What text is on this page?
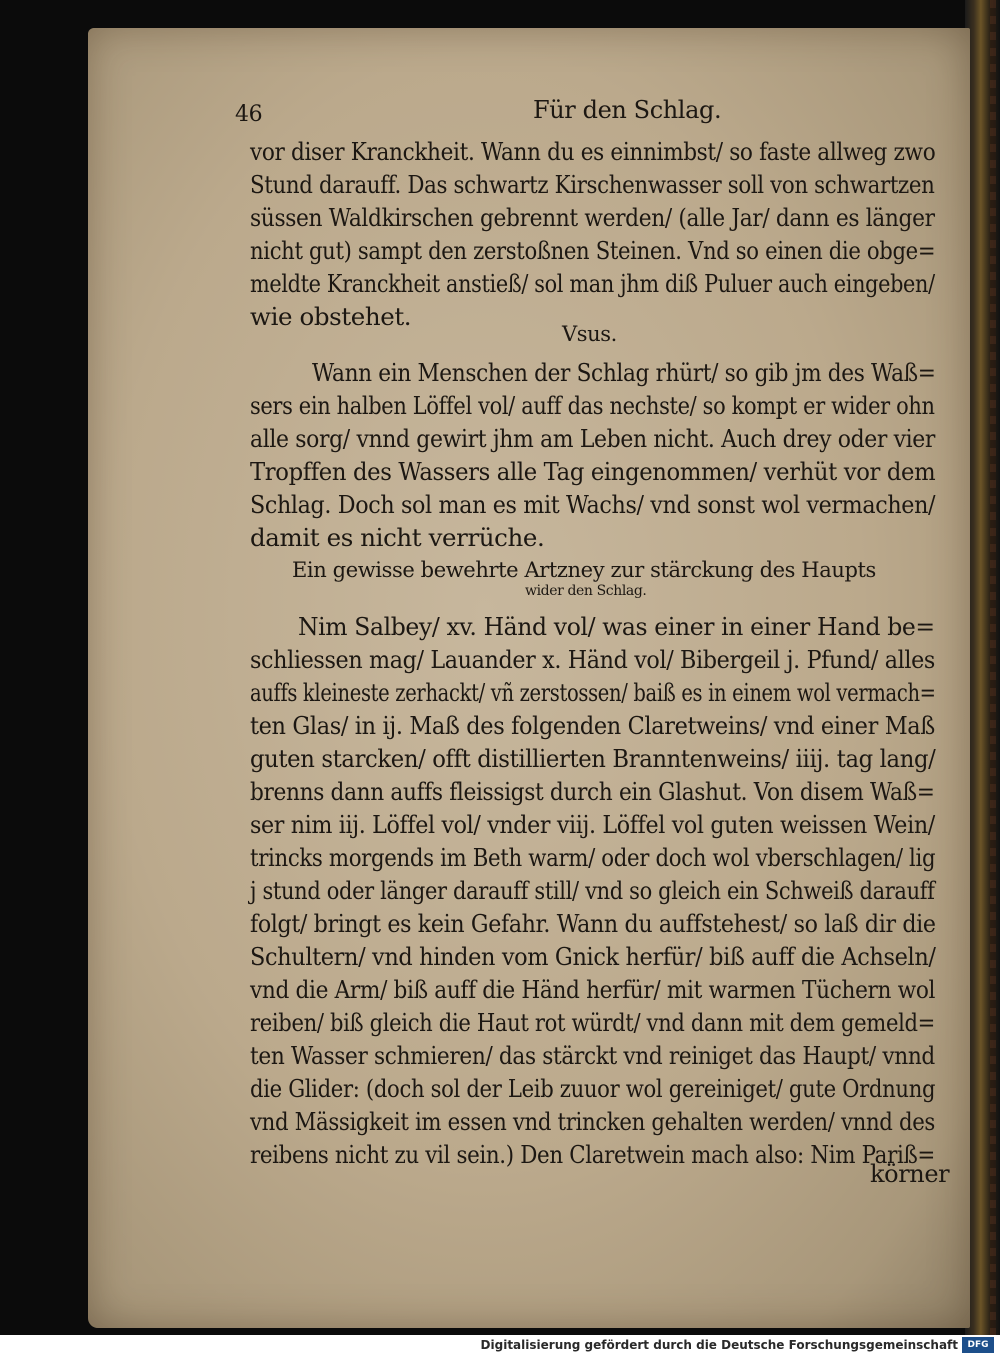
46	Für den Schlag.
vor diser Kranckheit. Wann du es einnimbst/ so faste allweg zwo
Stund darauff. Das schwartz Kirschenwasser soll von schwartzen
süssen Waldkirschen gebrennt werden/ (alle Jar/ dann es länger
nicht gut) sampt den zerstoßnen Steinen. Vnd so einen die obge=
meldte Kranckheit anstieß/ sol man jhm diß Puluer auch eingeben/
wie obstehet.
Vsus.
Wann ein Menschen der Schlag rhürt/ so gib jm des Waß=
sers ein halben Löffel vol/ auff das nechste/ so kompt er wider ohn
alle sorg/ vnnd gewirt jhm am Leben nicht. Auch drey oder vier
Tropffen des Wassers alle Tag eingenommen/ verhüt vor dem
Schlag. Doch sol man es mit Wachs/ vnd sonst wol vermachen/
damit es nicht verrüche.
Ein gewisse bewehrte Artzney zur stärckung des Haupts
wider den Schlag.
Nim Salbey/ xv. Händ vol/ was einer in einer Hand be=
schliessen mag/ Lauander x. Händ vol/ Bibergeil j. Pfund/ alles
auffs kleineste zerhackt/ vñ zerstossen/ baiß es in einem wol vermach=
ten Glas/ in ij. Maß des folgenden Claretweins/ vnd einer Maß
guten starcken/ offt distillierten Branntenweins/ iiij. tag lang/
brenns dann auffs fleissigst durch ein Glashut. Von disem Waß=
ser nim iij. Löffel vol/ vnder viij. Löffel vol guten weissen Wein/
trincks morgends im Beth warm/ oder doch wol vberschlagen/ lig
j stund oder länger darauff still/ vnd so gleich ein Schweiß darauff
folgt/ bringt es kein Gefahr. Wann du auffstehest/ so laß dir die
Schultern/ vnd hinden vom Gnick herfür/ biß auff die Achseln/
vnd die Arm/ biß auff die Händ herfür/ mit warmen Tüchern wol
reiben/ biß gleich die Haut rot würdt/ vnd dann mit dem gemeld=
ten Wasser schmieren/ das stärckt vnd reiniget das Haupt/ vnnd
die Glider: (doch sol der Leib zuuor wol gereiniget/ gute Ordnung
vnd Mässigkeit im essen vnd trincken gehalten werden/ vnnd des
reibens nicht zu vil sein.) Den Claretwein mach also: Nim Pariß=
körner
Digitalisierung gefördert durch die Deutsche Forschungsgemeinschaft	DFG
